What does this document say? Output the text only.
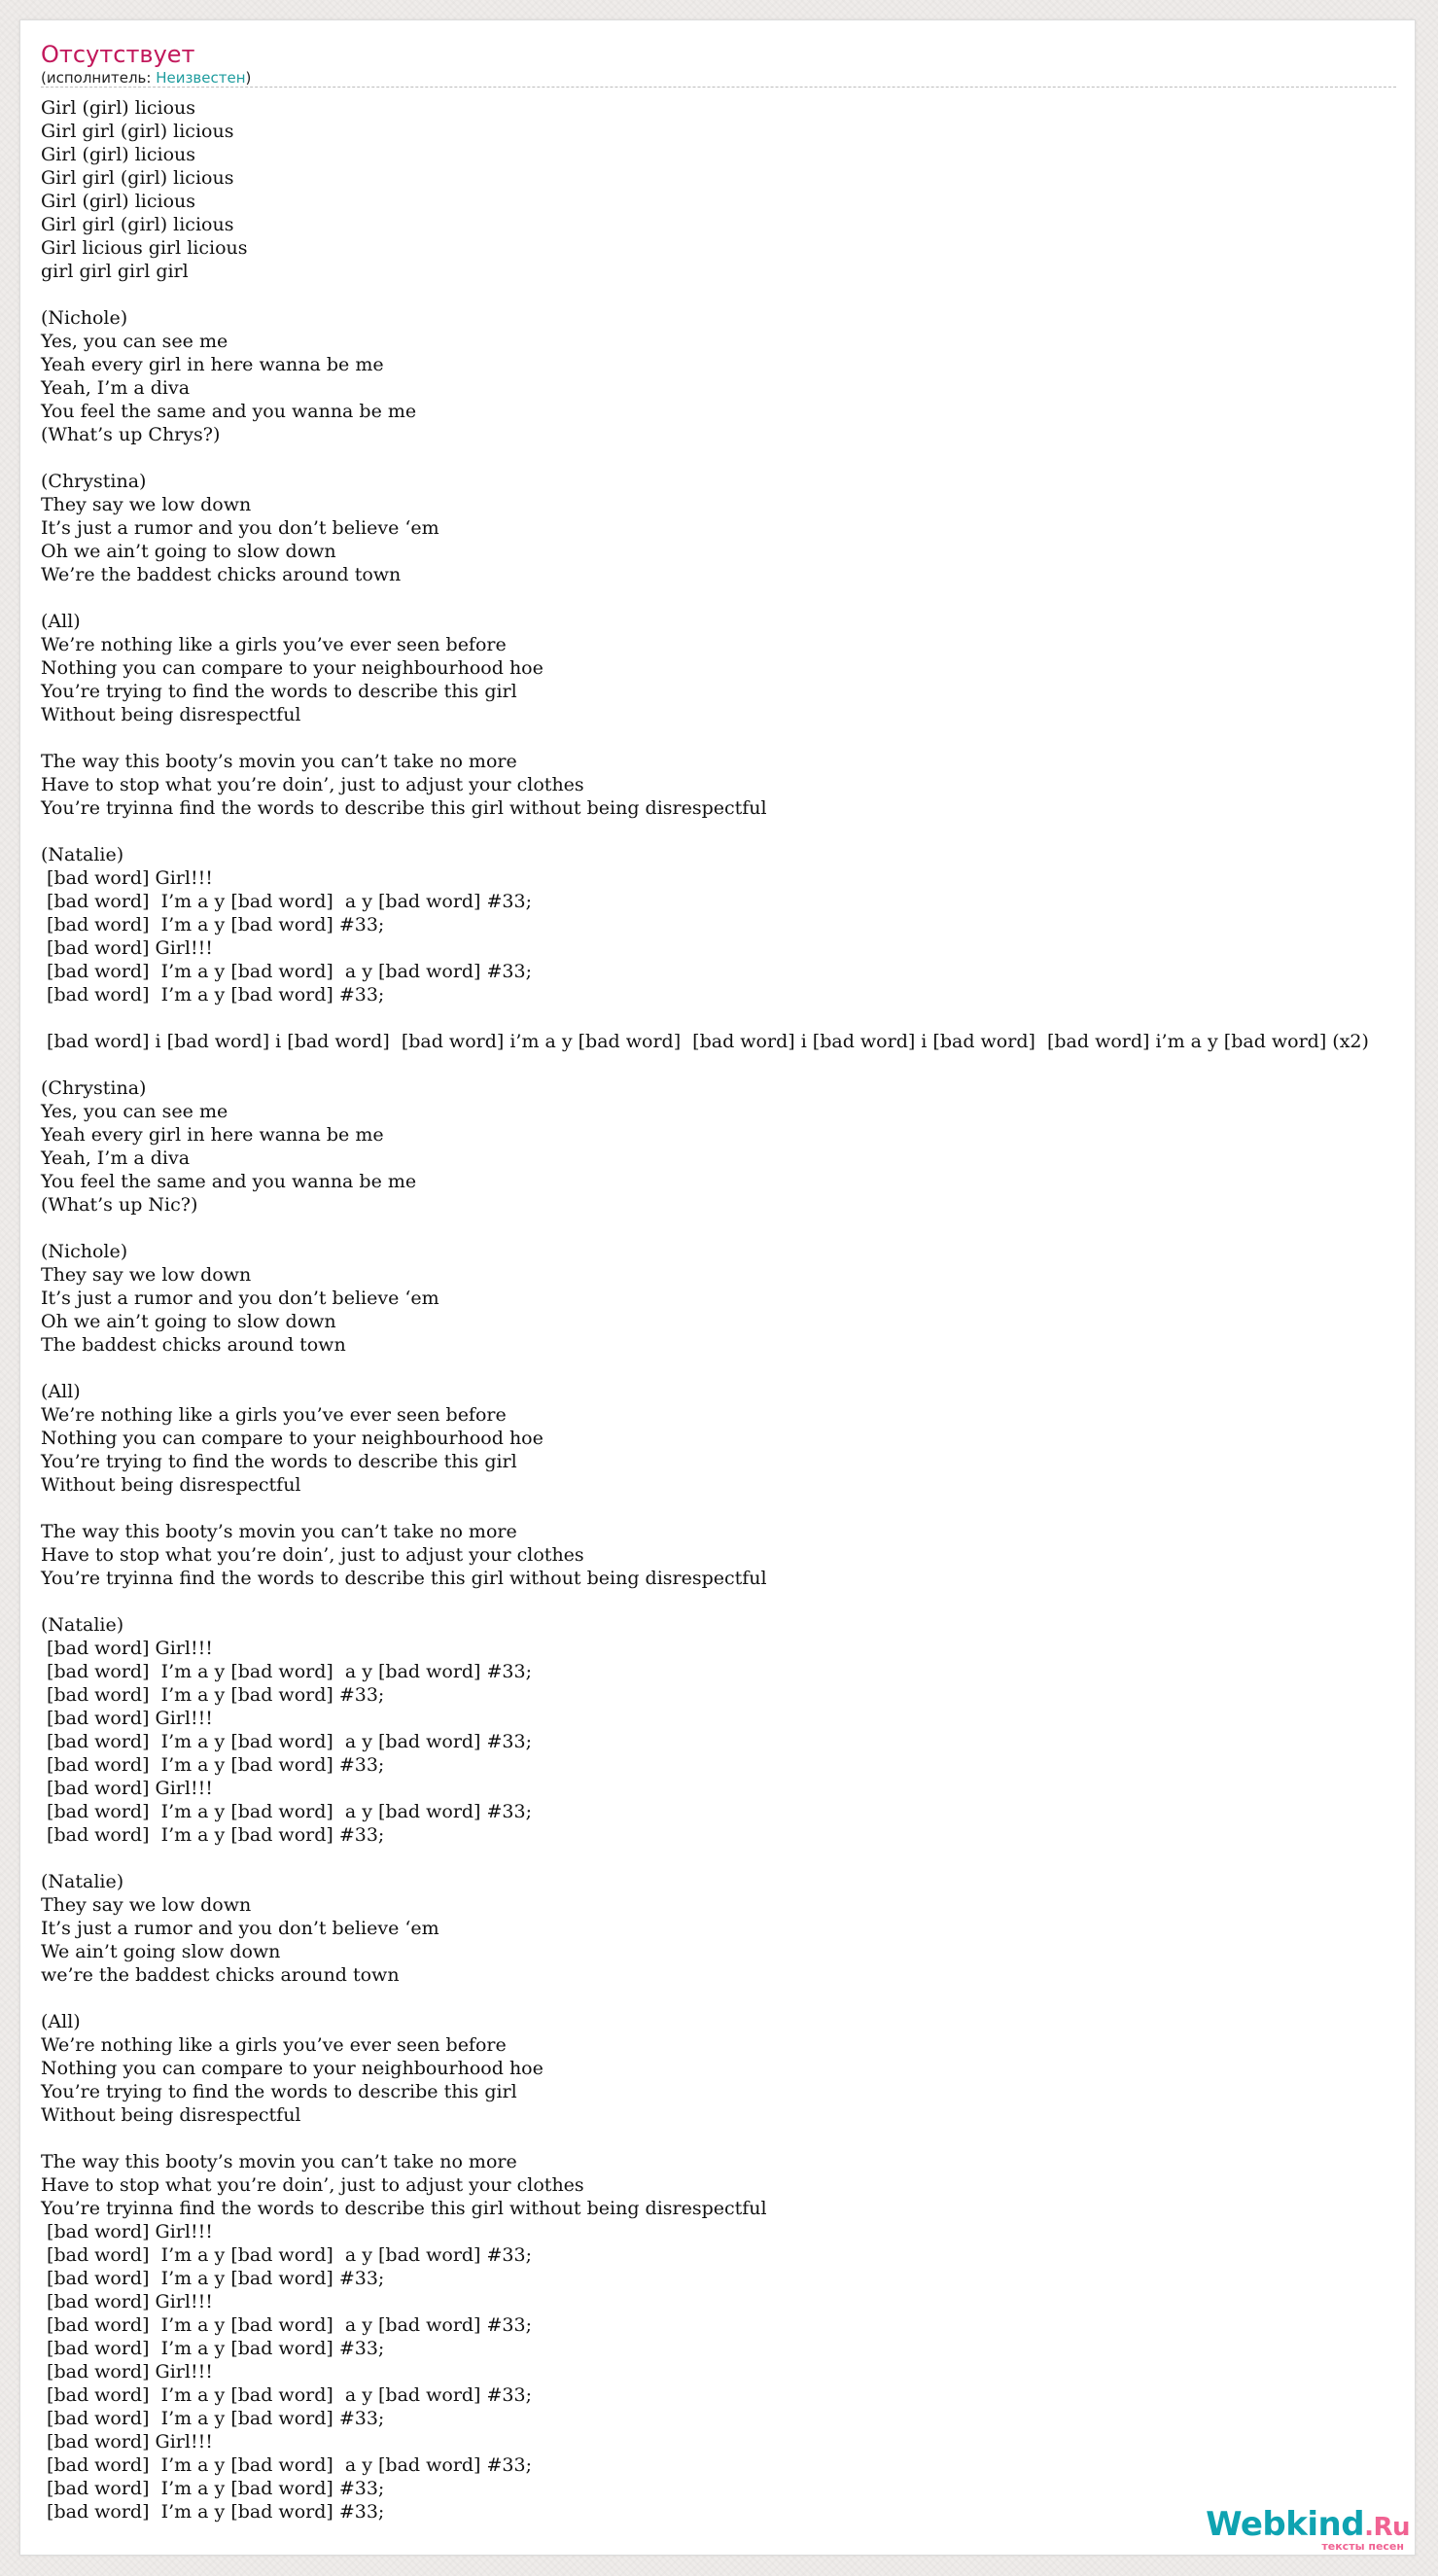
Отсутствует
(исполнитель: Неизвестен)
Girl (girl) licious
Girl girl (girl) licious
Girl (girl) licious
Girl girl (girl) licious
Girl (girl) licious
Girl girl (girl) licious
Girl licious girl licious
girl girl girl girl

(Nichole)
Yes, you can see me
Yeah every girl in here wanna be me
Yeah, I’m a diva
You feel the same and you wanna be me
(What’s up Chrys?)

(Chrystina)
They say we low down
It’s just a rumor and you don’t believe ‘em
Oh we ain’t going to slow down
We’re the baddest chicks around town

(All)
We’re nothing like a girls you’ve ever seen before
Nothing you can compare to your neighbourhood hoe
You’re trying to find the words to describe this girl
Without being disrespectful

The way this booty’s movin you can’t take no more
Have to stop what you’re doin’, just to adjust your clothes
You’re tryinna find the words to describe this girl without being disrespectful

(Natalie)
[bad word] Girl!!!
[bad word]  I’m a y [bad word]  a y [bad word] #33;
[bad word]  I’m a y [bad word] #33;
[bad word] Girl!!!
[bad word]  I’m a y [bad word]  a y [bad word] #33;
[bad word]  I’m a y [bad word] #33;

[bad word] i [bad word] i [bad word]  [bad word] i’m a y [bad word]  [bad word] i [bad word] i [bad word]  [bad word] i’m a y [bad word] (x2)

(Chrystina)
Yes, you can see me
Yeah every girl in here wanna be me
Yeah, I’m a diva
You feel the same and you wanna be me
(What’s up Nic?)

(Nichole)
They say we low down
It’s just a rumor and you don’t believe ‘em
Oh we ain’t going to slow down
The baddest chicks around town

(All)
We’re nothing like a girls you’ve ever seen before
Nothing you can compare to your neighbourhood hoe
You’re trying to find the words to describe this girl
Without being disrespectful

The way this booty’s movin you can’t take no more
Have to stop what you’re doin’, just to adjust your clothes
You’re tryinna find the words to describe this girl without being disrespectful

(Natalie)
[bad word] Girl!!!
[bad word]  I’m a y [bad word]  a y [bad word] #33;
[bad word]  I’m a y [bad word] #33;
[bad word] Girl!!!
[bad word]  I’m a y [bad word]  a y [bad word] #33;
[bad word]  I’m a y [bad word] #33;
[bad word] Girl!!!
[bad word]  I’m a y [bad word]  a y [bad word] #33;
[bad word]  I’m a y [bad word] #33;

(Natalie)
They say we low down
It’s just a rumor and you don’t believe ‘em
We ain’t going slow down
we’re the baddest chicks around town

(All)
We’re nothing like a girls you’ve ever seen before
Nothing you can compare to your neighbourhood hoe
You’re trying to find the words to describe this girl
Without being disrespectful

The way this booty’s movin you can’t take no more
Have to stop what you’re doin’, just to adjust your clothes
You’re tryinna find the words to describe this girl without being disrespectful
[bad word] Girl!!!
[bad word]  I’m a y [bad word]  a y [bad word] #33;
[bad word]  I’m a y [bad word] #33;
[bad word] Girl!!!
[bad word]  I’m a y [bad word]  a y [bad word] #33;
[bad word]  I’m a y [bad word] #33;
[bad word] Girl!!!
[bad word]  I’m a y [bad word]  a y [bad word] #33;
[bad word]  I’m a y [bad word] #33;
[bad word] Girl!!!
[bad word]  I’m a y [bad word]  a y [bad word] #33;
[bad word]  I’m a y [bad word] #33;
[bad word]  I’m a y [bad word] #33;	Webkind.Ru
тексты песен
